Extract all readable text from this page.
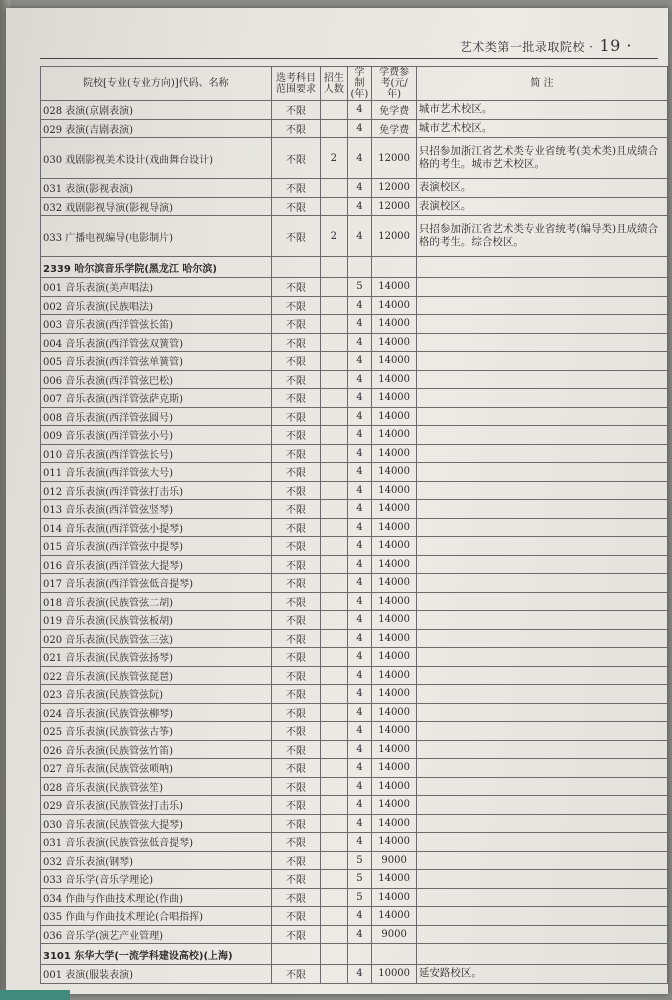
艺术类第一批录取院校 · 19 ·
院校[专业(专业方向)]代码、名称	选考科目范围要求	招生人数	学制(年)	学费参考(元/年)	简 注
028 表演(京剧表演)	不限		4	免学费	城市艺术校区。
029 表演(吉剧表演)	不限		4	免学费	城市艺术校区。
030 戏剧影视美术设计(戏曲舞台设计)	不限	2	4	12000	只招参加浙江省艺术类专业省统考(美术类)且成绩合格的考生。城市艺术校区。
031 表演(影视表演)	不限		4	12000	表演校区。
032 戏剧影视导演(影视导演)	不限		4	12000	表演校区。
033 广播电视编导(电影制片)	不限	2	4	12000	只招参加浙江省艺术类专业省统考(编导类)且成绩合格的考生。综合校区。
2339 哈尔滨音乐学院(黑龙江 哈尔滨)					
001 音乐表演(美声唱法)	不限		5	14000	
002 音乐表演(民族唱法)	不限		4	14000	
003 音乐表演(西洋管弦长笛)	不限		4	14000	
004 音乐表演(西洋管弦双簧管)	不限		4	14000	
005 音乐表演(西洋管弦单簧管)	不限		4	14000	
006 音乐表演(西洋管弦巴松)	不限		4	14000	
007 音乐表演(西洋管弦萨克斯)	不限		4	14000	
008 音乐表演(西洋管弦圆号)	不限		4	14000	
009 音乐表演(西洋管弦小号)	不限		4	14000	
010 音乐表演(西洋管弦长号)	不限		4	14000	
011 音乐表演(西洋管弦大号)	不限		4	14000	
012 音乐表演(西洋管弦打击乐)	不限		4	14000	
013 音乐表演(西洋管弦竖琴)	不限		4	14000	
014 音乐表演(西洋管弦小提琴)	不限		4	14000	
015 音乐表演(西洋管弦中提琴)	不限		4	14000	
016 音乐表演(西洋管弦大提琴)	不限		4	14000	
017 音乐表演(西洋管弦低音提琴)	不限		4	14000	
018 音乐表演(民族管弦二胡)	不限		4	14000	
019 音乐表演(民族管弦板胡)	不限		4	14000	
020 音乐表演(民族管弦三弦)	不限		4	14000	
021 音乐表演(民族管弦扬琴)	不限		4	14000	
022 音乐表演(民族管弦琵琶)	不限		4	14000	
023 音乐表演(民族管弦阮)	不限		4	14000	
024 音乐表演(民族管弦柳琴)	不限		4	14000	
025 音乐表演(民族管弦古筝)	不限		4	14000	
026 音乐表演(民族管弦竹笛)	不限		4	14000	
027 音乐表演(民族管弦唢呐)	不限		4	14000	
028 音乐表演(民族管弦笙)	不限		4	14000	
029 音乐表演(民族管弦打击乐)	不限		4	14000	
030 音乐表演(民族管弦大提琴)	不限		4	14000	
031 音乐表演(民族管弦低音提琴)	不限		4	14000	
032 音乐表演(钢琴)	不限		5	9000	
033 音乐学(音乐学理论)	不限		5	14000	
034 作曲与作曲技术理论(作曲)	不限		5	14000	
035 作曲与作曲技术理论(合唱指挥)	不限		4	14000	
036 音乐学(演艺产业管理)	不限		4	9000	
3101 东华大学(一流学科建设高校)(上海)					
001 表演(服装表演)	不限		4	10000	延安路校区。
